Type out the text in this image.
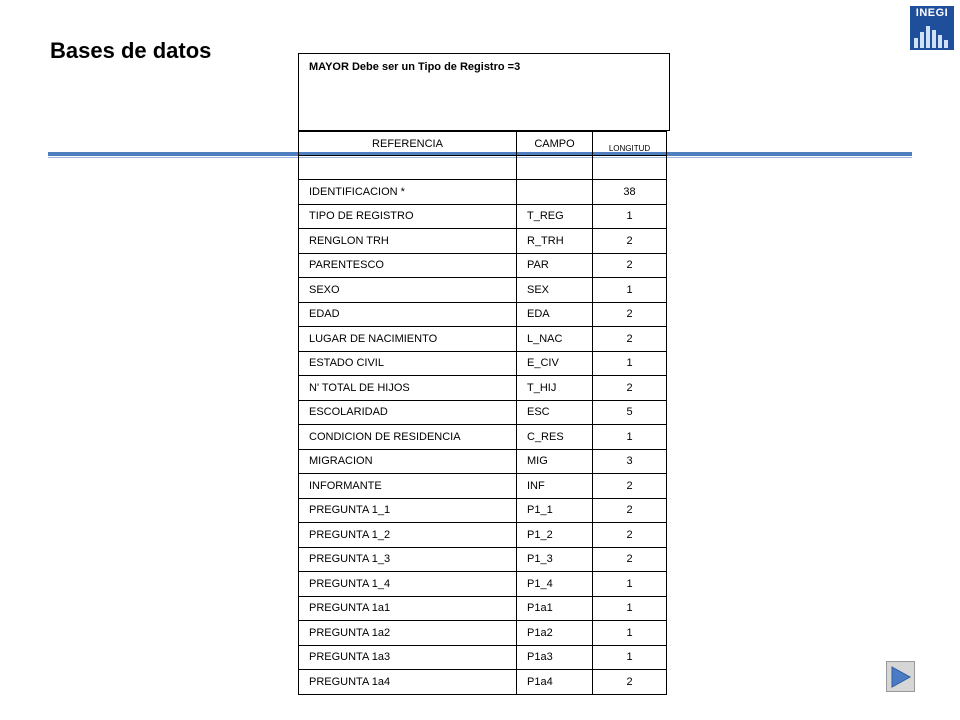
Bases de datos
INEGI
MAYOR Debe ser un Tipo de Registro =3
REFERENCIA	CAMPO	LONGITUD

IDENTIFICACION *		38
TIPO DE REGISTRO	T_REG	1
RENGLON TRH	R_TRH	2
PARENTESCO	PAR	2
SEXO	SEX	1
EDAD	EDA	2
LUGAR DE NACIMIENTO	L_NAC	2
ESTADO CIVIL	E_CIV	1
N' TOTAL DE HIJOS	T_HIJ	2
ESCOLARIDAD	ESC	5
CONDICION DE RESIDENCIA	C_RES	1
MIGRACION	MIG	3
INFORMANTE	INF	2
PREGUNTA 1_1	P1_1	2
PREGUNTA 1_2	P1_2	2
PREGUNTA 1_3	P1_3	2
PREGUNTA 1_4	P1_4	1
PREGUNTA 1a1	P1a1	1
PREGUNTA 1a2	P1a2	1
PREGUNTA 1a3	P1a3	1
PREGUNTA 1a4	P1a4	2
